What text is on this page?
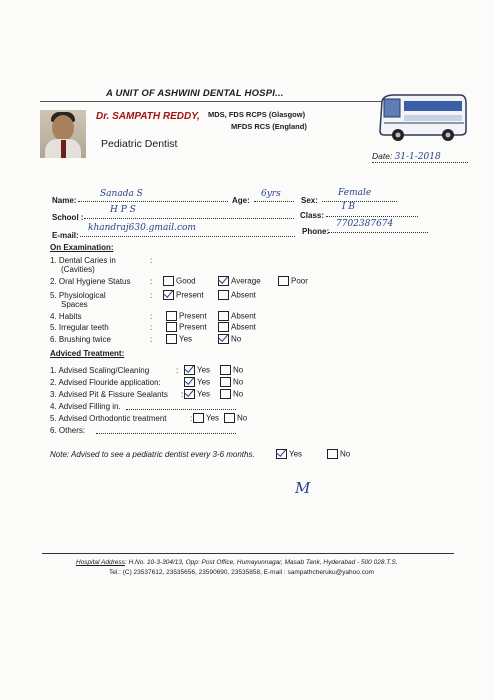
A UNIT OF ASHWINI DENTAL HOSPI...
Dr. SAMPATH REDDY, MDS, FDS RCPS (Glasgow)
MFDS RCS (England)
Pediatric Dentist
Date: 31-1-2018
Name:
Sanada S
Age:
6yrs
Sex:
Female
School :
H P S
Class:
I B
E-mail:
khandraj630.gmail.com	Phone:
7702387674
On Examination:
1. Dental Caries in
(Cavities)
:
2. Oral Hygiene Status :	Good	Average	Poor
5. Physiological
Spaces
:	Present	Absent
4. Habits	:	Present	Absent
5. Irregular teeth	:	Present	Absent
6. Brushing twice	:	Yes	No
Adviced Treatment:
1. Advised Scaling/Cleaning	:	Yes	No
2. Advised Flouride application:	Yes	No
3. Advised Pit & Fissure Sealants :	Yes	No
4. Advised Filling in.
5. Advised Orthodontic treatment	:	Yes	No
6. Others:
Note: Advised to see a pediatric dentist every 3-6 months.	Yes	No
M
Hospital Address: H.No. 10-3-304/13, Opp: Post Office, Humayunnagar, Masab Tank, Hyderabad - 500 028.T.S.
Tel.: (C) 23537612, 23535656, 23590690, 23535858, E-mail : sampathcheruku@yahoo.com
